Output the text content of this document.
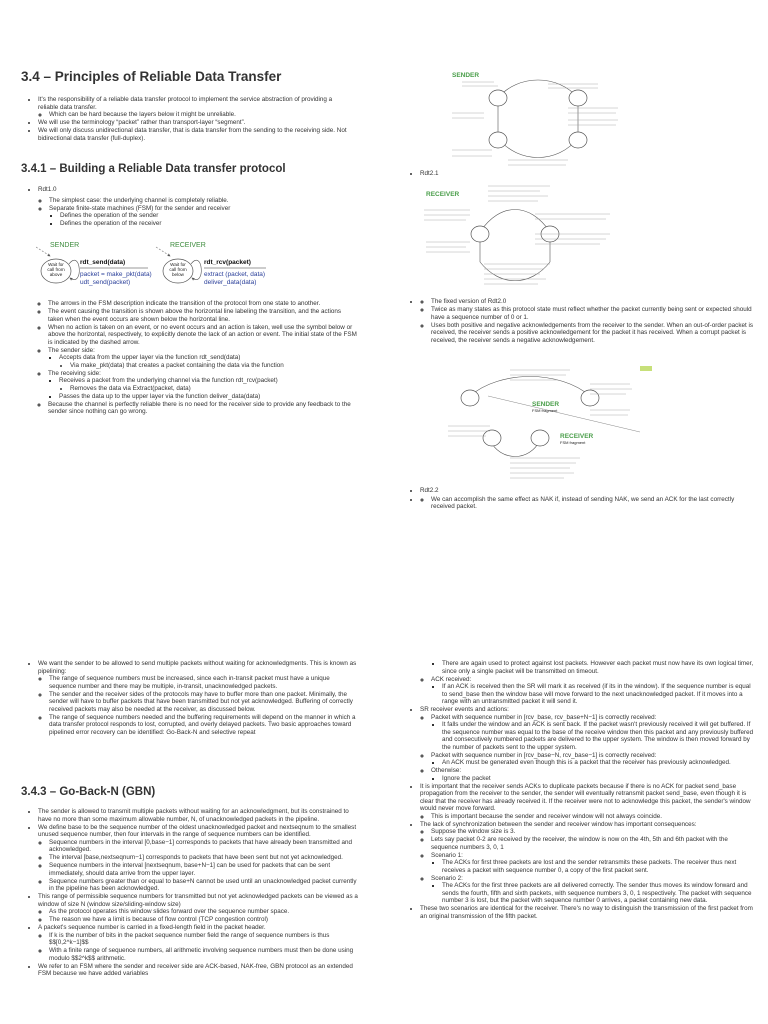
3.4 – Principles of Reliable Data Transfer
• It's the responsibility of a reliable data transfer protocol to implement the service abstraction of providing a reliable data transfer.
◦ Which can be hard because the layers below it might be unreliable.
• We will use the terminology “packet” rather than transport-layer “segment”.
• We will only discuss unidirectional data transfer, that is data transfer from the sending to the receiving side. Not bidirectional data transfer (full-duplex).
3.4.1 – Building a Reliable Data transfer protocol
• Rdt1.0
◦ The simplest case: the underlying channel is completely reliable.
◦ Separate finite-state machines (FSM) for the sender and receiver
▪ Defines the operation of the sender
▪ Defines the operation of the receiver
SENDER
Wait for
call from
above
rdt_send(data)
packet = make_pkt(data)
udt_send(packet)
RECEIVER
Wait for
call from
below
rdt_rcv(packet)
extract (packet, data)
deliver_data(data)
◦ The arrows in the FSM description indicate the transition of the protocol from one state to another.
◦ The event causing the transition is shown above the horizontal line labeling the transition, and the actions taken when the event occurs are shown below the horizontal line.
◦ When no action is taken on an event, or no event occurs and an action is taken, well use the symbol below or above the horizontal, respectively, to explicitly denote the lack of an action or event. The initial state of the FSM is indicated by the dashed arrow.
◦ The sender side:
▪ Accepts data from the upper layer via the function rdt_send(data)
• Via make_pkt(data) that creates a packet containing the data via the function
◦ The receiving side:
▪ Receives a packet from the underlying channel via the function rdt_rcv(packet)
• Removes the data via Extract(packet, data)
▪ Passes the data up to the upper layer via the function deliver_data(data)
◦ Because the channel is perfectly reliable there is no need for the receiver side to provide any feedback to the sender since nothing can go wrong.
SENDER
• Rdt2.1
RECEIVER
◦ • The fixed version of Rdt2.0
◦ Twice as many states as this protocol state must reflect whether the packet currently being sent or expected should have a sequence number of 0 or 1.
◦ Uses both positive and negative acknowledgements from the receiver to the sender. When an out-of-order packet is received, the receiver sends a positive acknowledgement for the packet it has received. When a corrupt packet is received, the receiver sends a negative acknowledgement.
SENDER
FSM fragment
RECEIVER
FSM fragment
• Rdt2.2
◦ • We can accomplish the same effect as NAK if, instead of sending NAK, we send an ACK for the last correctly received packet.
• We want the sender to be allowed to send multiple packets without waiting for acknowledgments. This is known as pipelining:
◦ The range of sequence numbers must be increased, since each in-transit packet must have a unique sequence number and there may be multiple, in-transit, unacknowledged packets.
◦ The sender and the receiver sides of the protocols may have to buffer more than one packet. Minimally, the sender will have to buffer packets that have been transmitted but not yet acknowledged. Buffering of correctly received packets may also be needed at the receiver, as discussed below.
◦ The range of sequence numbers needed and the buffering requirements will depend on the manner in which a data transfer protocol responds to lost, corrupted, and overly delayed packets. Two basic approaches toward pipelined error recovery can be identified: Go-Back-N and selective repeat
3.4.3 – Go-Back-N (GBN)
• The sender is allowed to transmit multiple packets without waiting for an acknowledgment, but its constrained to have no more than some maximum allowable number, N, of unacknowledged packets in the pipeline.
• We define base to be the sequence number of the oldest unacknowledged packet and nextseqnum to the smallest unused sequence number, then four intervals in the range of sequence numbers can be identified.
◦ Sequence numbers in the interval [0,base−1] corresponds to packets that have already been transmitted and acknowledged.
◦ The interval [base,nextseqnum−1] corresponds to packets that have been sent but not yet acknowledged.
◦ Sequence numbers in the interval [nextseqnum, base+N−1] can be used for packets that can be sent immediately, should data arrive from the upper layer.
◦ Sequence numbers greater than or equal to base+N cannot be used until an unacknowledged packet currently in the pipeline has been acknowledged.
• This range of permissible sequence numbers for transmitted but not yet acknowledged packets can be viewed as a window of size N (window size/sliding-window size)
◦ As the protocol operates this window slides forward over the sequence number space.
◦ The reason we have a limit is because of flow control (TCP congestion control)
• A packet's sequence number is carried in a fixed-length field in the packet header.
◦ If k is the number of bits in the packet sequence number field the range of sequence numbers is thus $$[0,2^k−1]$$
◦ With a finite range of sequence numbers, all arithmetic involving sequence numbers must then be done using modulo $$2^k$$ arithmetic.
• We refer to an FSM where the sender and receiver side are ACK-based, NAK-free, GBN protocol as an extended FSM because we have added variables
▪ There are again used to protect against lost packets. However each packet must now have its own logical timer, since only a single packet will be transmitted on timeout.
◦ ACK received:
▪ If an ACK is received then the SR will mark it as received (if its in the window). If the sequence number is equal to send_base then the window base will move forward to the next unacknowledged packet. If it moves into a range with an untransmitted packet it will send it.
• SR receiver events and actions:
◦ Packet with sequence number in [rcv_base, rcv_base+N−1] is correctly received:
▪ It falls under the window and an ACK is sent back. If the packet wasn't previously received it will get buffered. If the sequence number was equal to the base of the receive window then this packet and any previously buffered and consecutively numbered packets are delivered to the upper system. The window is then moved forward by the number of packets sent to the upper system.
◦ Packet with sequence number in [rcv_base−N, rcv_base−1] is correctly received:
▪ An ACK must be generated even though this is a packet that the receiver has previously acknowledged.
◦ Otherwise:
▪ Ignore the packet
• It is important that the receiver sends ACKs to duplicate packets because if there is no ACK for packet send_base propagation from the receiver to the sender, the sender will eventually retransmit packet send_base, even though it is clear that the receiver has already received it. If the receiver were not to acknowledge this packet, the sender's window would never move forward.
◦ This is important because the sender and receiver window will not always coincide.
• The lack of synchronization between the sender and receiver window has important consequences:
◦ Suppose the window size is 3.
◦ Lets say packet 0-2 are received by the receiver, the window is now on the 4th, 5th and 6th packet with the sequence numbers 3, 0, 1
◦ Scenario 1:
▪ The ACKs for first three packets are lost and the sender retransmits these packets. The receiver thus next receives a packet with sequence number 0, a copy of the first packet sent.
◦ Scenario 2:
▪ The ACKs for the first three packets are all delivered correctly. The sender thus moves its window forward and sends the fourth, fifth and sixth packets, with sequence numbers 3, 0, 1 respectively. The packet with sequence number 3 is lost, but the packet with sequence number 0 arrives, a packet containing new data.
• These two scenarios are identical for the receiver. There's no way to distinguish the transmission of the first packet from an original transmission of the fifth packet.
